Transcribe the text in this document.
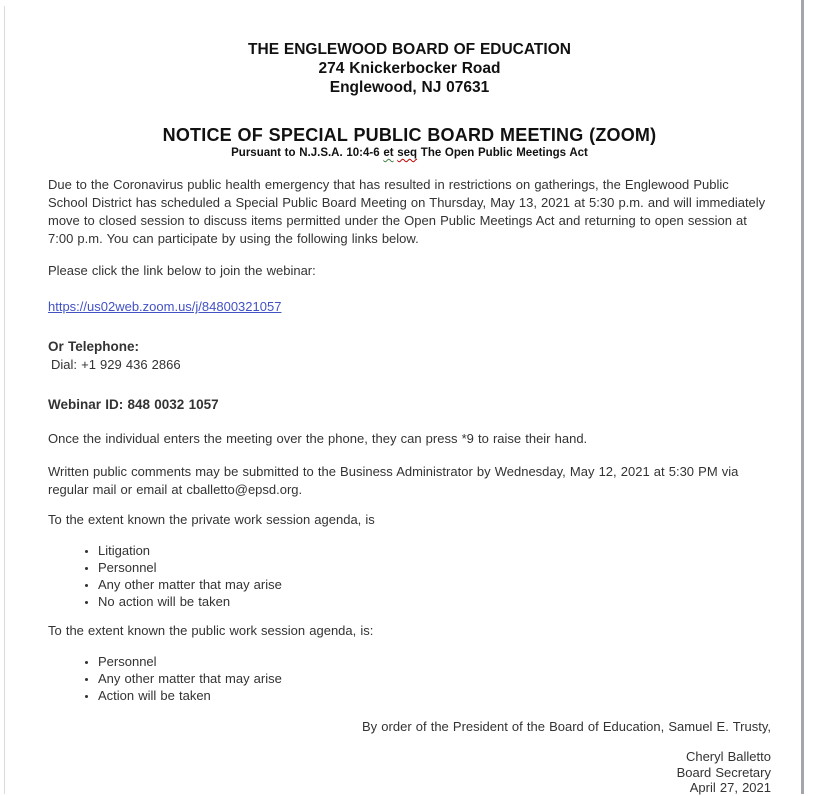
THE ENGLEWOOD BOARD OF EDUCATION
274 Knickerbocker Road
Englewood, NJ 07631
NOTICE OF SPECIAL PUBLIC BOARD MEETING (ZOOM)
Pursuant to N.J.S.A. 10:4-6 et seq The Open Public Meetings Act
Due to the Coronavirus public health emergency that has resulted in restrictions on gatherings, the Englewood Public School District has scheduled a Special Public Board Meeting on Thursday, May 13, 2021 at 5:30 p.m. and will immediately move to closed session to discuss items permitted under the Open Public Meetings Act and returning to open session at 7:00 p.m. You can participate by using the following links below.
Please click the link below to join the webinar:
https://us02web.zoom.us/j/84800321057
Or Telephone:
Dial: +1 929 436 2866
Webinar ID: 848 0032 1057
Once the individual enters the meeting over the phone, they can press *9 to raise their hand.
Written public comments may be submitted to the Business Administrator by Wednesday, May 12, 2021 at 5:30 PM via regular mail or email at cballetto@epsd.org.
To the extent known the private work session agenda, is
• Litigation
• Personnel
• Any other matter that may arise
• No action will be taken
To the extent known the public work session agenda, is:
• Personnel
• Any other matter that may arise
• Action will be taken
By order of the President of the Board of Education, Samuel E. Trusty,
Cheryl Balletto
Board Secretary
April 27, 2021
